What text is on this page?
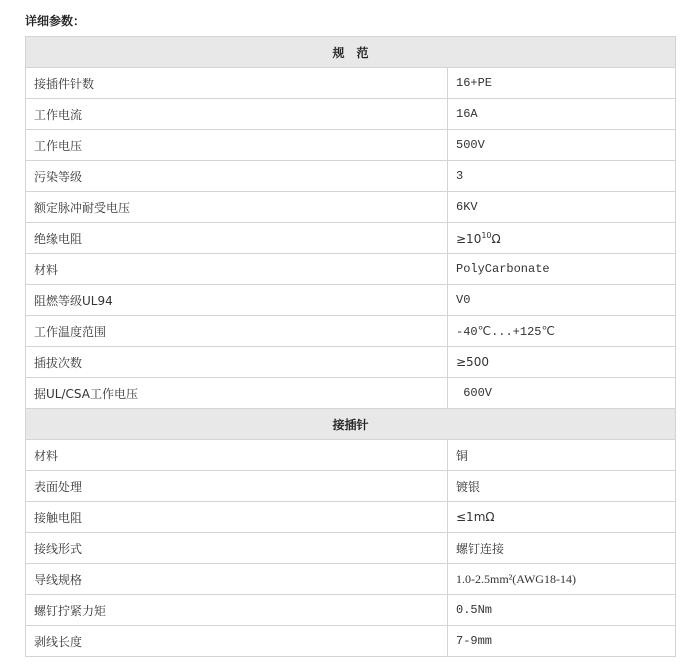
详细参数：
规　范	
接插件针数	16+PE
工作电流	16A
工作电压	500V
污染等级	3
额定脉冲耐受电压	6KV
绝缘电阻	$\ge 10^{10}\Omega$
材料	PolyCarbonate
阻燃等级UL94	V0
工作温度范围	-40℃...+125℃
插拔次数	≥500
据UL/CSA工作电压	600V
接插针	
材料	铜
表面处理	镀银
接触电阻	≤1mΩ
接线形式	螺钉连接
导线规格	1.0-2.5mm²(AWG18-14)
螺钉拧紧力矩	0.5Nm
剥线长度	7-9mm
